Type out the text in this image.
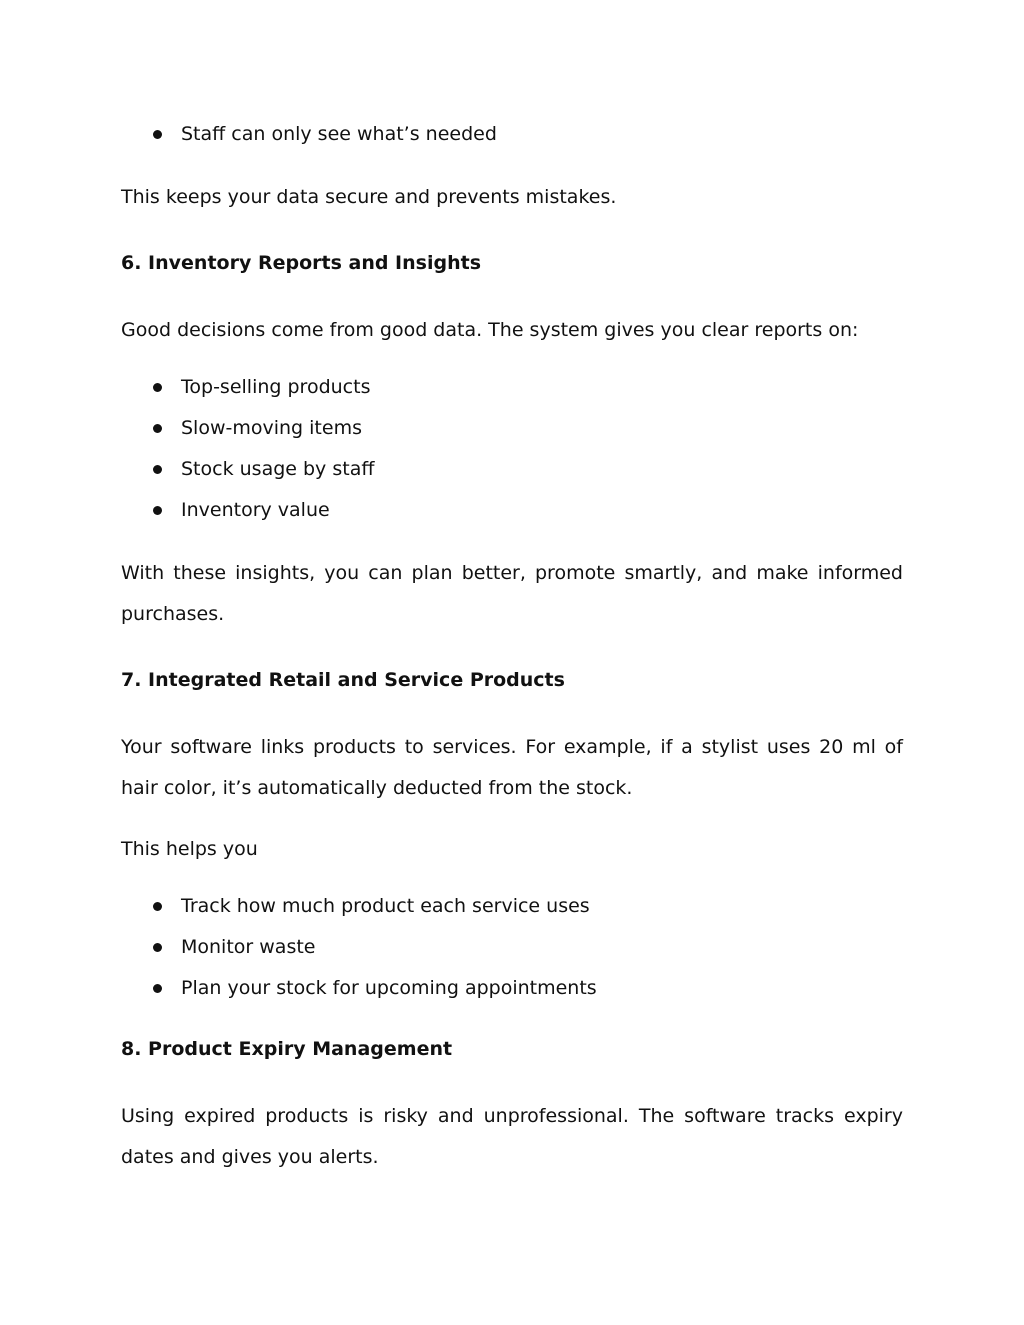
Staff can only see what’s needed

This keeps your data secure and prevents mistakes.

6. Inventory Reports and Insights

Good decisions come from good data. The system gives you clear reports on:

Top-selling products
Slow-moving items
Stock usage by staff
Inventory value

With these insights, you can plan better, promote smartly, and make informed purchases.

7. Integrated Retail and Service Products

Your software links products to services. For example, if a stylist uses 20 ml of hair color, it’s automatically deducted from the stock.

This helps you

Track how much product each service uses
Monitor waste
Plan your stock for upcoming appointments
8. Product Expiry Management

Using expired products is risky and unprofessional. The software tracks expiry dates and gives you alerts.
